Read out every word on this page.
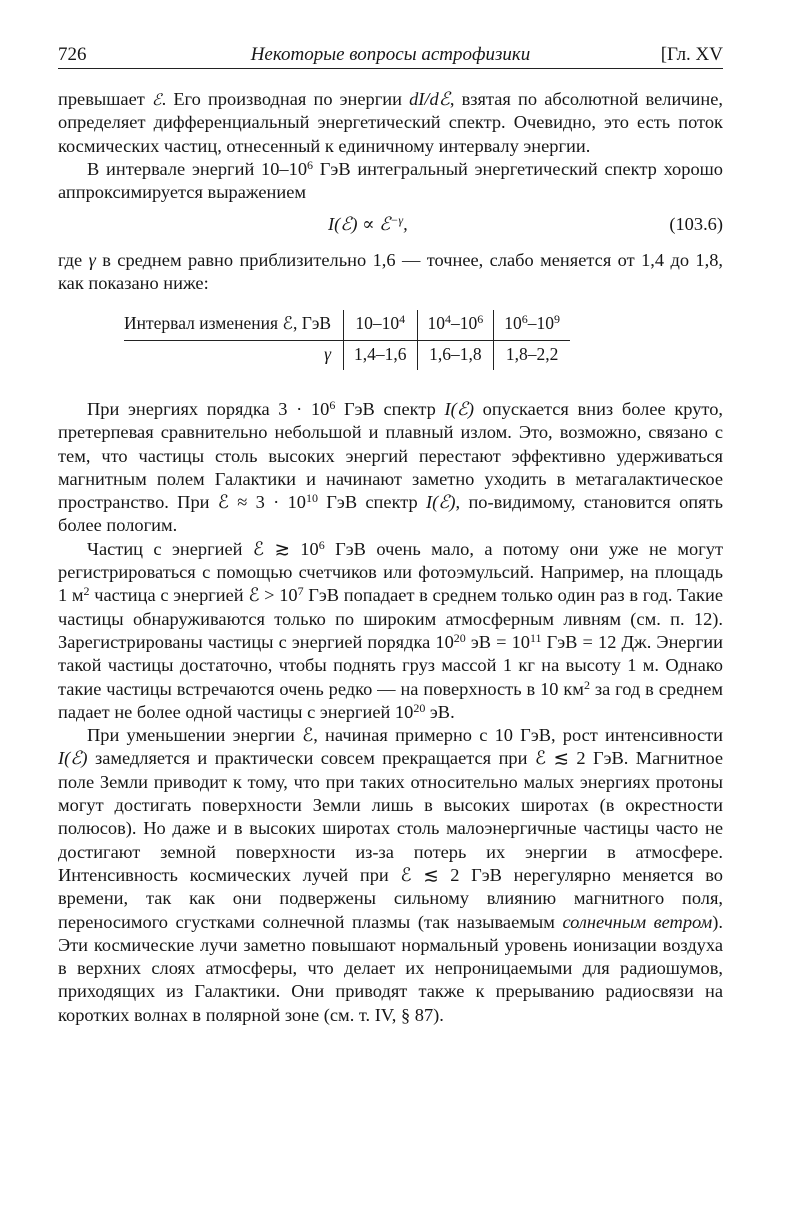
726	Некоторые вопросы астрофизики	[Гл. XV

превышает ℰ. Его производная по энергии dI/dℰ, взятая по абсолютной величине, определяет дифференциальный энергетический спектр. Очевидно, это есть поток космических частиц, отнесенный к единичному интервалу энергии.

В интервале энергий $10-10^6$ ГэВ интегральный энергетический спектр хорошо аппроксимируется выражением

I(ℰ) ∝ ℰ$^{-\gamma}$,	(103.6)

где γ в среднем равно приблизительно 1,6 — точнее, слабо меняется от 1,4 до 1,8, как показано ниже:

Интервал изменения ℰ, ГэВ	$10-10^4$	$10^4-10^6$	$10^6-10^9$
γ	1,4–1,6	1,6–1,8	1,8–2,2

При энергиях порядка $3 \cdot 10^6$ ГэВ спектр I(ℰ) опускается вниз более круто, претерпевая сравнительно небольшой и плавный излом. Это, возможно, связано с тем, что частицы столь высоких энергий перестают эффективно удерживаться магнитным полем Галактики и начинают заметно уходить в метагалактическое пространство. При ℰ ≈ $3 \cdot 10^{10}$ ГэВ спектр I(ℰ), по-видимому, становится опять более пологим.

Частиц с энергией ℰ ≳ $10^6$ ГэВ очень мало, а потому они уже не могут регистрироваться с помощью счетчиков или фотоэмульсий. Например, на площадь 1 $м^2$ частица с энергией ℰ > $10^7$ ГэВ попадает в среднем только один раз в год. Такие частицы обнаруживаются только по широким атмосферным ливням (см. п. 12). Зарегистрированы частицы с энергией порядка $10^{20}$ эВ = $10^{11}$ ГэВ = 12 Дж. Энергии такой частицы достаточно, чтобы поднять груз массой 1 кг на высоту 1 м. Однако такие частицы встречаются очень редко — на поверхность в 10 $км^2$ за год в среднем падает не более одной частицы с энергией $10^{20}$ эВ.

При уменьшении энергии ℰ, начиная примерно с 10 ГэВ, рост интенсивности I(ℰ) замедляется и практически совсем прекращается при ℰ ≲ 2 ГэВ. Магнитное поле Земли приводит к тому, что при таких относительно малых энергиях протоны могут достигать поверхности Земли лишь в высоких широтах (в окрестности полюсов). Но даже и в высоких широтах столь малоэнергичные частицы часто не достигают земной поверхности из-за потерь их энергии в атмосфере. Интенсивность космических лучей при ℰ ≲ 2 ГэВ нерегулярно меняется во времени, так как они подвержены сильному влиянию магнитного поля, переносимого сгустками солнечной плазмы (так называемым солнечным ветром). Эти космические лучи заметно повышают нормальный уровень ионизации воздуха в верхних слоях атмосферы, что делает их непроницаемыми для радиошумов, приходящих из Галактики. Они приводят также к прерыванию радиосвязи на коротких волнах в полярной зоне (см. т. IV, § 87).
